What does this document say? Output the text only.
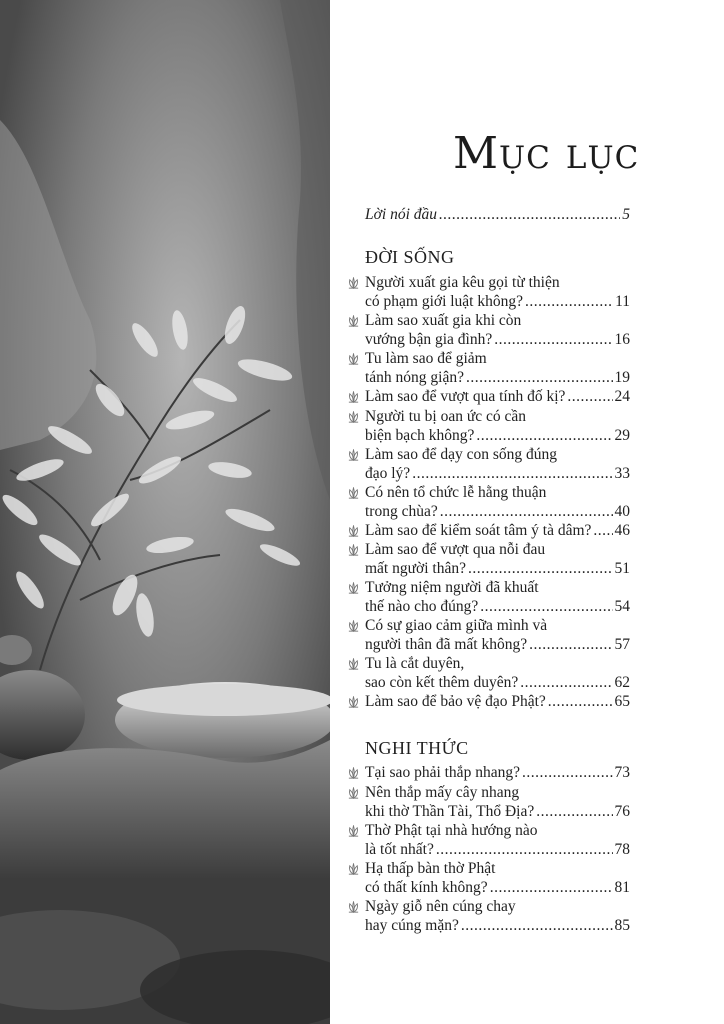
Mục lục
Lời nói đầu .....	5
ĐỜI SỐNG
Người xuất gia kêu gọi từ thiện
có phạm giới luật không? .....	11
Làm sao xuất gia khi còn
vướng bận gia đình? .....	16
Tu làm sao để giảm
tánh nóng giận? .....	19
Làm sao để vượt qua tính đố kị? .....	24
Người tu bị oan ức có cần
biện bạch không? .....	29
Làm sao để dạy con sống đúng
đạo lý? .....	33
Có nên tổ chức lễ hằng thuận
trong chùa? .....	40
Làm sao để kiểm soát tâm ý tà dâm? ..... 46
Làm sao để vượt qua nỗi đau
mất người thân? .....	51
Tưởng niệm người đã khuất
thế nào cho đúng? .....	54
Có sự giao cảm giữa mình và
người thân đã mất không? .....	57
Tu là cắt duyên,
sao còn kết thêm duyên? .....	62
Làm sao để bảo vệ đạo Phật? .....	65
NGHI THỨC
Tại sao phải thắp nhang? .....	73
Nên thắp mấy cây nhang
khi thờ Thần Tài, Thổ Địa? .....	76
Thờ Phật tại nhà hướng nào
là tốt nhất? .....	78
Hạ thấp bàn thờ Phật
có thất kính không? .....	81
Ngày giỗ nên cúng chay
hay cúng mặn? .....	85
